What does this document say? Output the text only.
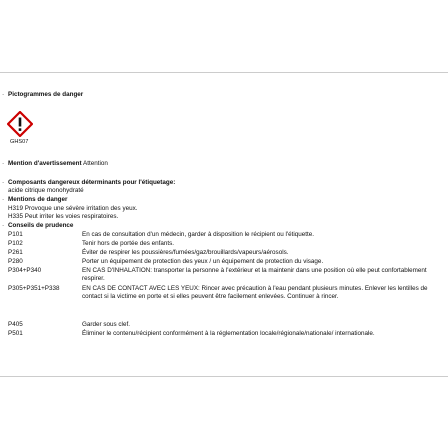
· Pictogrammes de danger
GHS07
· Mention d'avertissement Attention
· Composants dangereux déterminants pour l'étiquetage:
acide citrique monohydraté
· Mentions de danger
H319 Provoque une sévère irritation des yeux.
H335 Peut irriter les voies respiratoires.
· Conseils de prudence
P101	En cas de consultation d'un médecin, garder à disposition le récipient ou l'étiquette.
P102	Tenir hors de portée des enfants.
P261	Éviter de respirer les poussières/fumées/gaz/brouillards/vapeurs/aérosols.
P280	Porter un équipement de protection des yeux / un équipement de protection du visage.
P304+P340	EN CAS D'INHALATION: transporter la personne à l'extérieur et la maintenir dans une position où elle peut confortablement respirer.
P305+P351+P338	EN CAS DE CONTACT AVEC LES YEUX: Rincer avec précaution à l'eau pendant plusieurs minutes. Enlever les lentilles de contact si la victime en porte et si elles peuvent être facilement enlevées. Continuer à rincer.
P405	Garder sous clef.
P501	Éliminer le contenu/récipient conformément à la réglementation locale/régionale/nationale/ internationale.
